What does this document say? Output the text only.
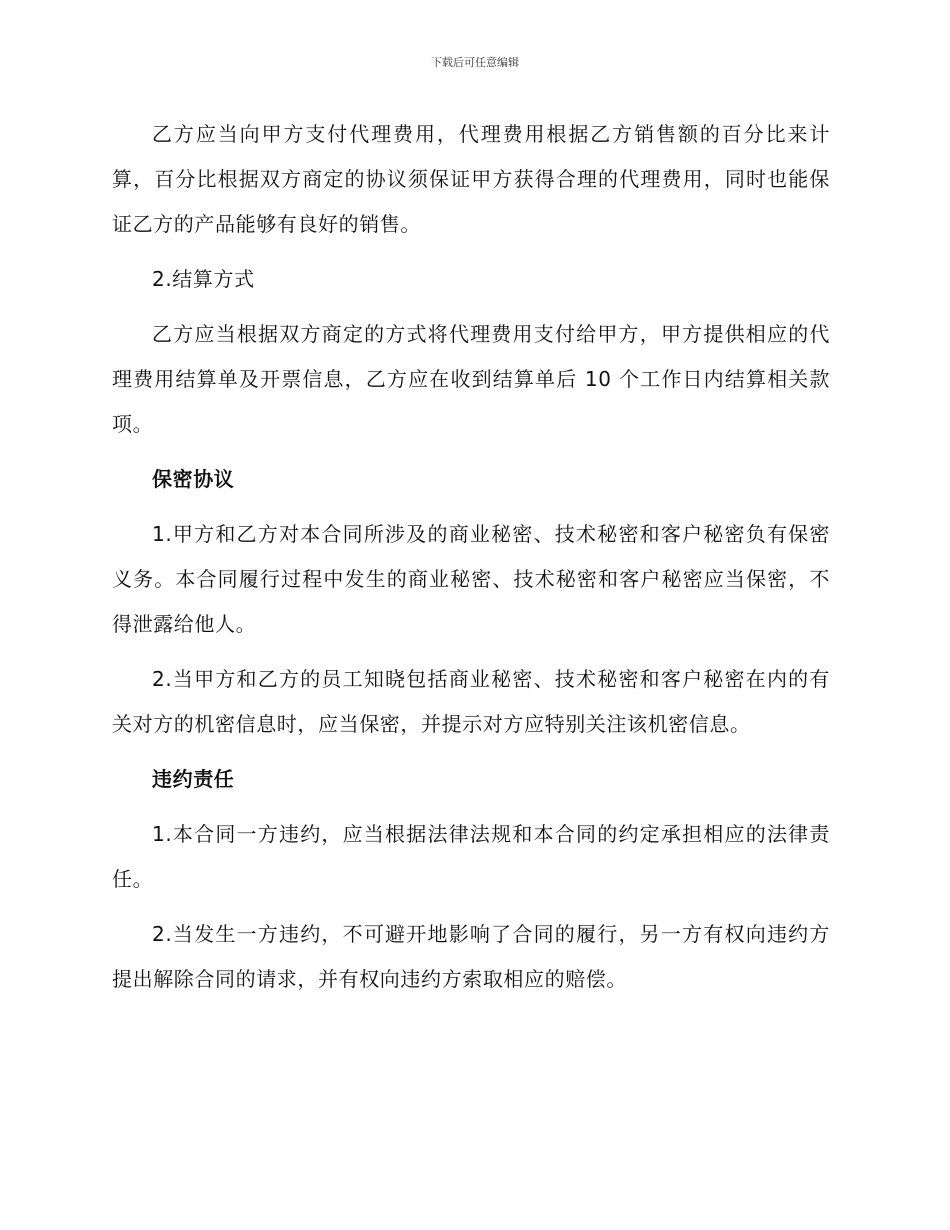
下载后可任意编辑

乙方应当向甲方支付代理费用，代理费用根据乙方销售额的百分比来计算，百分比根据双方商定的协议须保证甲方获得合理的代理费用，同时也能保证乙方的产品能够有良好的销售。

2.结算方式

乙方应当根据双方商定的方式将代理费用支付给甲方，甲方提供相应的代理费用结算单及开票信息，乙方应在收到结算单后 10 个工作日内结算相关款项。

保密协议

1.甲方和乙方对本合同所涉及的商业秘密、技术秘密和客户秘密负有保密义务。本合同履行过程中发生的商业秘密、技术秘密和客户秘密应当保密，不得泄露给他人。

2.当甲方和乙方的员工知晓包括商业秘密、技术秘密和客户秘密在内的有关对方的机密信息时，应当保密，并提示对方应特别关注该机密信息。

违约责任

1.本合同一方违约，应当根据法律法规和本合同的约定承担相应的法律责任。

2.当发生一方违约，不可避开地影响了合同的履行，另一方有权向违约方提出解除合同的请求，并有权向违约方索取相应的赔偿。
